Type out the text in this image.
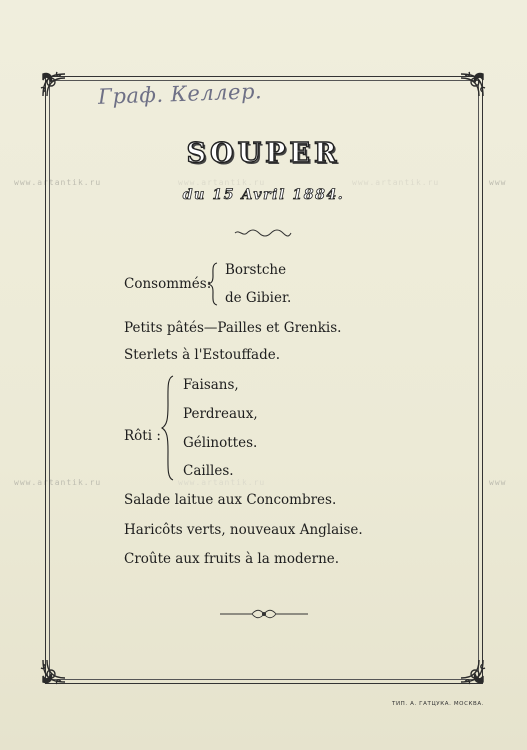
www.artantik.ru	www.artantik.ru	www.artantik.ru
www.artantik.ru	www.artantik.ru
www
www
Граф. Келлер.
SOUPER
du 15 Avril 1884.
Consommés:
Borstche
de Gibier.
Petits pâtés—Pailles et Grenkis.
Sterlets à l'Estouffade.
Rôti :
Faisans,
Perdreaux,
Gélinottes.
Cailles.
Salade laitue aux Concombres.
Haricôts verts, nouveaux Anglaise.
Croûte aux fruits à la moderne.
ТИП. А. ГАТЦУКА. МОСКВА.
